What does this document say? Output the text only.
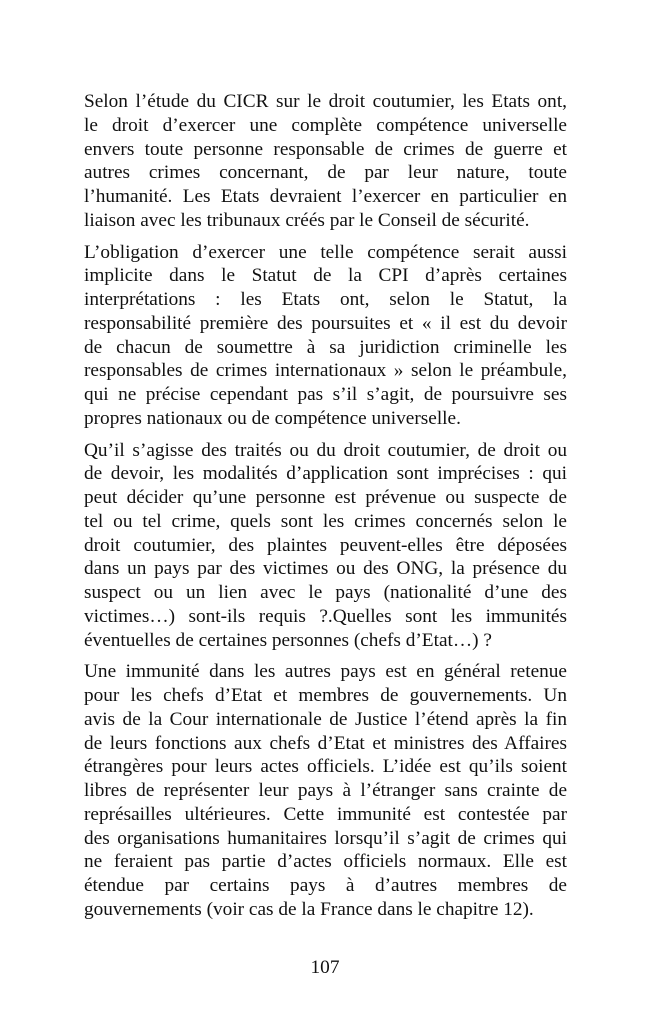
Selon l’étude du CICR sur le droit coutumier, les Etats ont,
le droit d’exercer une complète compétence universelle
envers toute personne responsable de crimes de guerre et
autres crimes concernant, de par leur nature, toute
l’humanité. Les Etats devraient l’exercer en particulier en
liaison avec les tribunaux créés par le Conseil de sécurité.
L’obligation d’exercer une telle compétence serait aussi
implicite dans le Statut de la CPI d’après certaines
interprétations : les Etats ont, selon le Statut, la
responsabilité première des poursuites et « il est du devoir
de chacun de soumettre à sa juridiction criminelle les
responsables de crimes internationaux » selon le préambule,
qui ne précise cependant pas s’il s’agit, de poursuivre ses
propres nationaux ou de compétence universelle.
Qu’il s’agisse des traités ou du droit coutumier, de droit ou
de devoir, les modalités d’application sont imprécises : qui
peut décider qu’une personne est prévenue ou suspecte de
tel ou tel crime, quels sont les crimes concernés selon le
droit coutumier, des plaintes peuvent-elles être déposées
dans un pays par des victimes ou des ONG, la présence du
suspect ou un lien avec le pays (nationalité d’une des
victimes…) sont-ils requis ?.Quelles sont les immunités
éventuelles de certaines personnes (chefs d’Etat…) ?
Une immunité dans les autres pays est en général retenue
pour les chefs d’Etat et membres de gouvernements. Un
avis de la Cour internationale de Justice l’étend après la fin
de leurs fonctions aux chefs d’Etat et ministres des Affaires
étrangères pour leurs actes officiels. L’idée est qu’ils soient
libres de représenter leur pays à l’étranger sans crainte de
représailles ultérieures. Cette immunité est contestée par
des organisations humanitaires lorsqu’il s’agit de crimes qui
ne feraient pas partie d’actes officiels normaux. Elle est
étendue par certains pays à d’autres membres de
gouvernements (voir cas de la France dans le chapitre 12).
107
